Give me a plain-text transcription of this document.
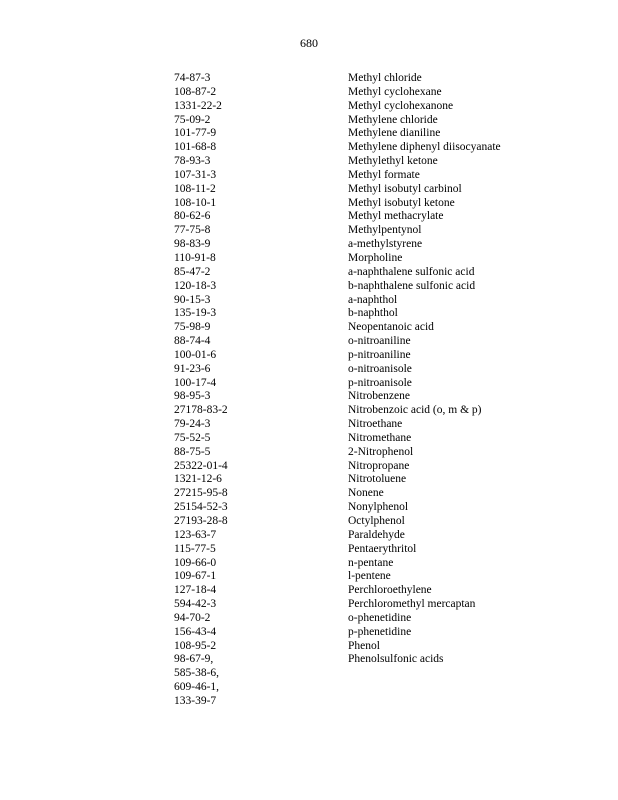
680
74-87-3	Methyl chloride
108-87-2	Methyl cyclohexane
1331-22-2	Methyl cyclohexanone
75-09-2	Methylene chloride
101-77-9	Methylene dianiline
101-68-8	Methylene diphenyl diisocyanate
78-93-3	Methylethyl ketone
107-31-3	Methyl formate
108-11-2	Methyl isobutyl carbinol
108-10-1	Methyl isobutyl ketone
80-62-6	Methyl methacrylate
77-75-8	Methylpentynol
98-83-9	a-methylstyrene
110-91-8	Morpholine
85-47-2	a-naphthalene sulfonic acid
120-18-3	b-naphthalene sulfonic acid
90-15-3	a-naphthol
135-19-3	b-naphthol
75-98-9	Neopentanoic acid
88-74-4	o-nitroaniline
100-01-6	p-nitroaniline
91-23-6	o-nitroanisole
100-17-4	p-nitroanisole
98-95-3	Nitrobenzene
27178-83-2	Nitrobenzoic acid (o, m & p)
79-24-3	Nitroethane
75-52-5	Nitromethane
88-75-5	2-Nitrophenol
25322-01-4	Nitropropane
1321-12-6	Nitrotoluene
27215-95-8	Nonene
25154-52-3	Nonylphenol
27193-28-8	Octylphenol
123-63-7	Paraldehyde
115-77-5	Pentaerythritol
109-66-0	n-pentane
109-67-1	l-pentene
127-18-4	Perchloroethylene
594-42-3	Perchloromethyl mercaptan
94-70-2	o-phenetidine
156-43-4	p-phenetidine
108-95-2	Phenol
98-67-9,	Phenolsulfonic acids
585-38-6,
609-46-1,
133-39-7
